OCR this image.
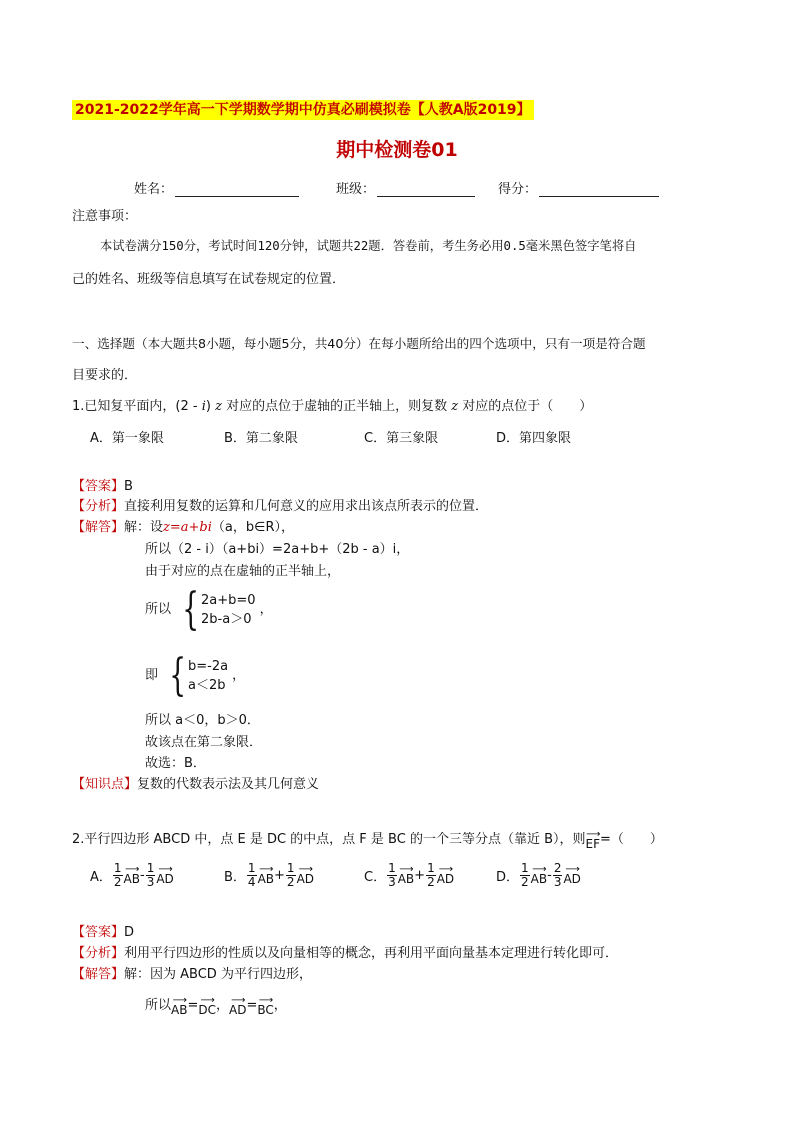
2021-2022学年高一下学期数学期中仿真必刷模拟卷【人教A版2019】
期中检测卷01
姓名：	班级：	得分：
注意事项：
本试卷满分150分，考试时间120分钟，试题共22题．答卷前，考生务必用0.5毫米黑色签字笔将自
己的姓名、班级等信息填写在试卷规定的位置．
一、选择题（本大题共8小题，每小题5分，共40分）在每小题所给出的四个选项中，只有一项是符合题
目要求的．
1.已知复平面内，(2 - i) z 对应的点位于虚轴的正半轴上，则复数 z 对应的点位于（　　）
A．第一象限	B．第二象限	C．第三象限	D．第四象限
【答案】B
【分析】直接利用复数的运算和几何意义的应用求出该点所表示的位置．
【解答】解：设z=a+bi（a，b∈R），
所以（2 - i）（a+bi）=2a+b+（2b - a）i，
由于对应的点在虚轴的正半轴上，
所以 { 2a+b=0
2b-a＞0
，
即 { b=-2a
a＜2b
，
所以 a＜0，b＞0．
故该点在第二象限．
故选：B．
【知识点】复数的代数表示法及其几何意义
2.平行四边形 ABCD 中，点 E 是 DC 的中点，点 F 是 BC 的一个三等分点（靠近 B），则 ⟶
EF =（　　）
A． $\frac{1}{2}$ ⟶
AB - $\frac{1}{3}$ ⟶
AD	B． $\frac{1}{4}$ ⟶
AB + $\frac{1}{2}$ ⟶
AD	C． $\frac{1}{3}$ ⟶
AB + $\frac{1}{2}$ ⟶
AD	D． $\frac{1}{2}$ ⟶
AB - $\frac{2}{3}$ ⟶
AD
【答案】D
【分析】利用平行四边形的性质以及向量相等的概念，再利用平面向量基本定理进行转化即可．
【解答】解：因为 ABCD 为平行四边形，
所以 ⟶
AB = ⟶
DC ， ⟶
AD = ⟶
BC ，
